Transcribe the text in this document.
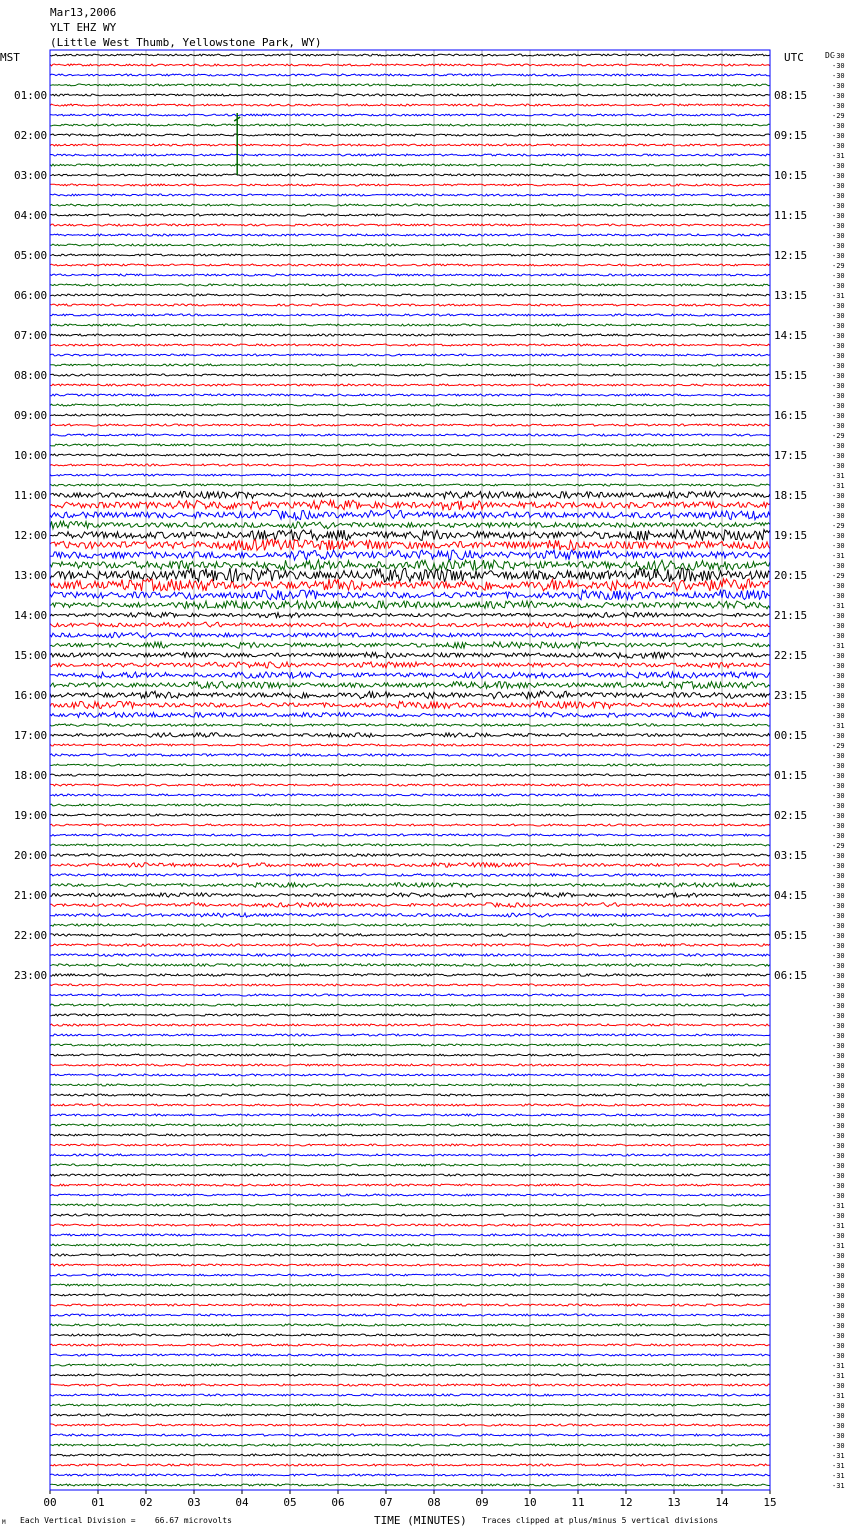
Mar13,2006
YLT EHZ WY
(Little West Thumb, Yellowstone Park, WY)
MST	UTC	DC
01:00
02:00
03:00
04:00
05:00
06:00
07:00
08:00
09:00
10:00
11:00
12:00
13:00
14:00
15:00
16:00
17:00
18:00
19:00
20:00
21:00
22:00
23:00
08:15
09:15
10:15
11:15
12:15
13:15
14:15
15:15
16:15
17:15
18:15
19:15
20:15
21:15
22:15
23:15
00:15
01:15
02:15
03:15
04:15
05:15
06:15
-30
-30
-30
-30
-30
-30
-29
-30
-30
-30
-31
-30
-30
-30
-30
-30
-30
-30
-30
-30
-30
-29
-30
-30
-31
-30
-30
-30
-30
-30
-30
-30
-30
-30
-30
-30
-30
-30
-29
-30
-30
-30
-31
-31
-30
-30
-30
-29
-30
-30
-31
-30
-29
-30
-30
-31
-30
-30
-30
-31
-30
-30
-30
-30
-30
-30
-30
-31
-30
-29
-30
-30
-30
-30
-30
-30
-30
-30
-30
-29
-30
-30
-30
-30
-30
-30
-30
-30
-30
-30
-30
-30
-30
-30
-30
-30
-30
-30
-30
-30
-30
-30
-30
-30
-30
-30
-30
-30
-30
-30
-30
-30
-30
-30
-30
-31
-30
-31
-30
-31
-30
-30
-30
-30
-30
-30
-30
-30
-30
-30
-30
-31
-31
-30
-31
-30
-30
-30
-30
-30
-31
-31
-31
-31
00	01	02	03	04	05	06	07	08	09	10	11	12	13	14	15
M Each Vertical Division =    66.67 microvolts	TIME (MINUTES) Traces clipped at plus/minus 5 vertical divisions
